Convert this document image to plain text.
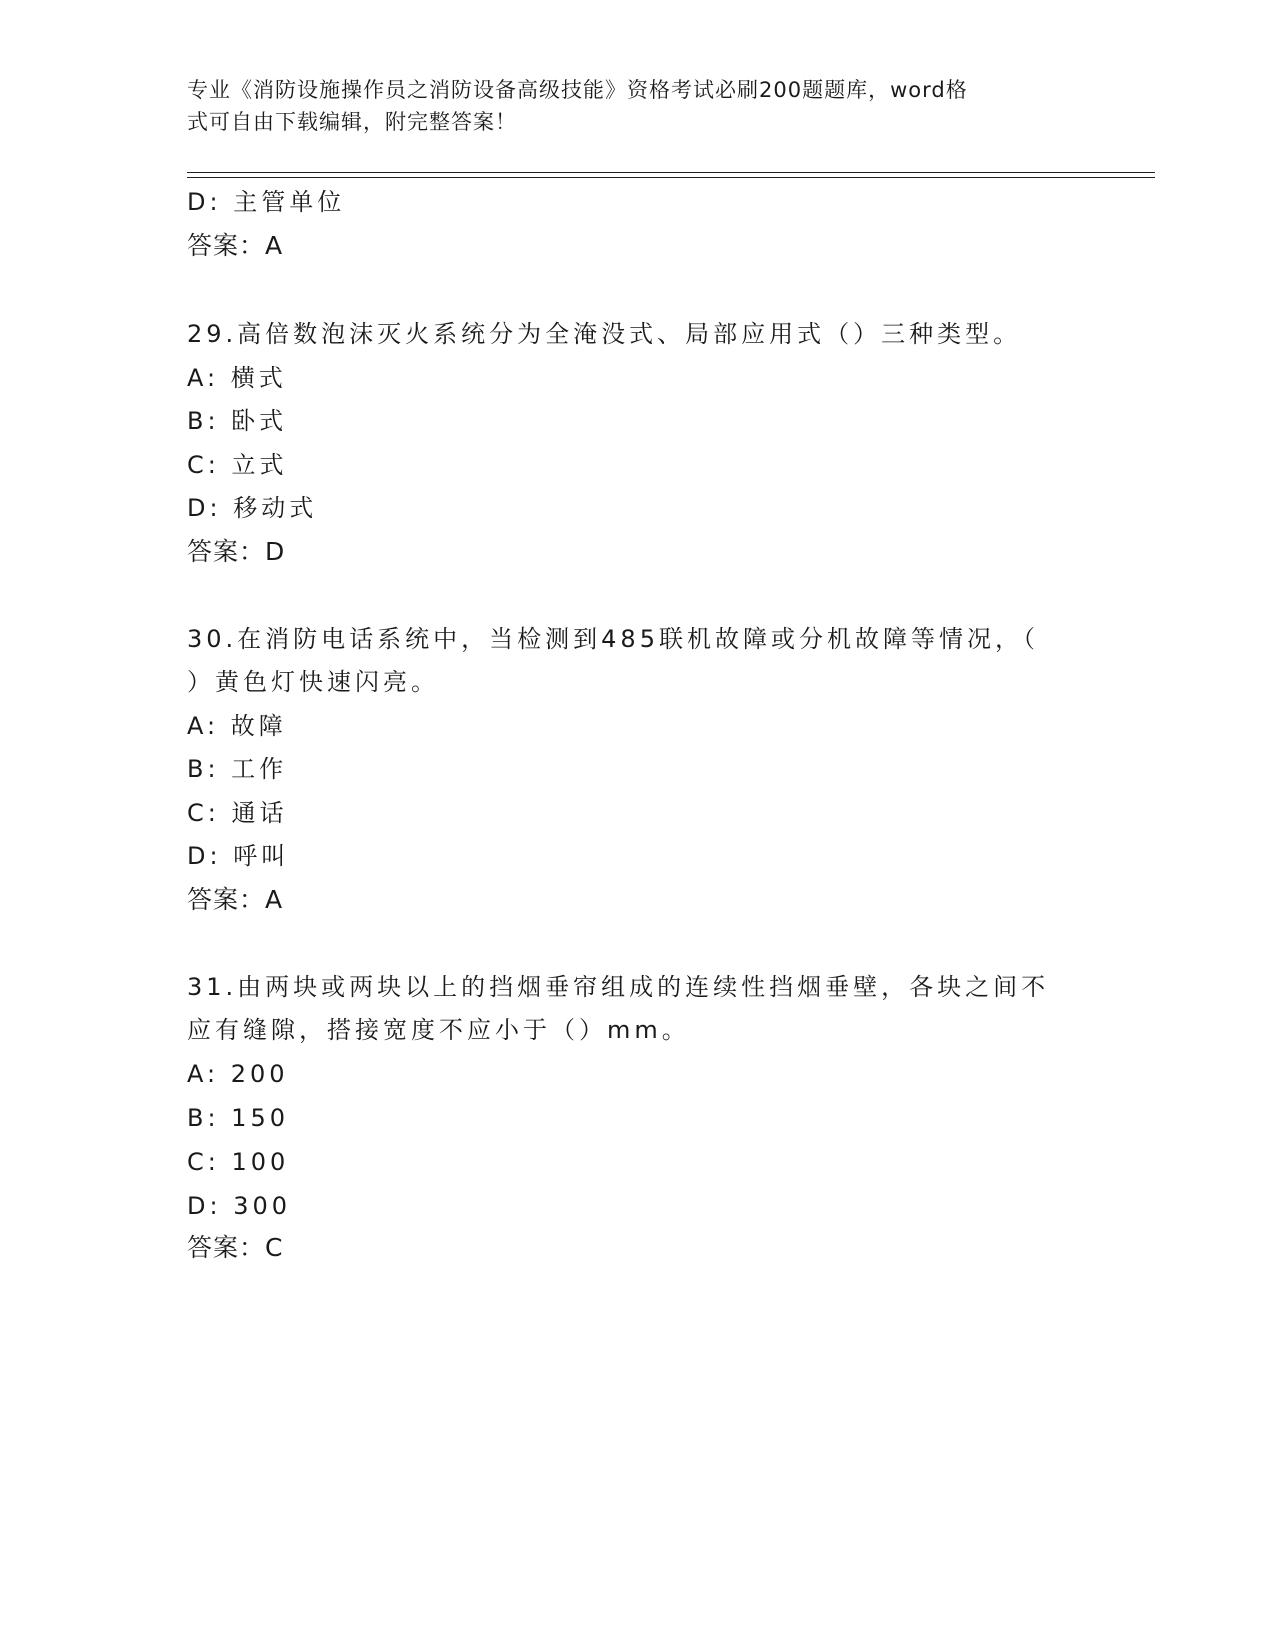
专业《消防设施操作员之消防设备高级技能》资格考试必刷200题题库，word格
式可自由下载编辑，附完整答案！
D: 主管单位
答案：A
29.高倍数泡沫灭火系统分为全淹没式、局部应用式（）三种类型。
A: 横式
B: 卧式
C: 立式
D: 移动式
答案：D
30.在消防电话系统中，当检测到485联机故障或分机故障等情况，（
）黄色灯快速闪亮。
A: 故障
B: 工作
C: 通话
D: 呼叫
答案：A
31.由两块或两块以上的挡烟垂帘组成的连续性挡烟垂壁，各块之间不
应有缝隙，搭接宽度不应小于（）mm。
A: 200
B: 150
C: 100
D: 300
答案：C
